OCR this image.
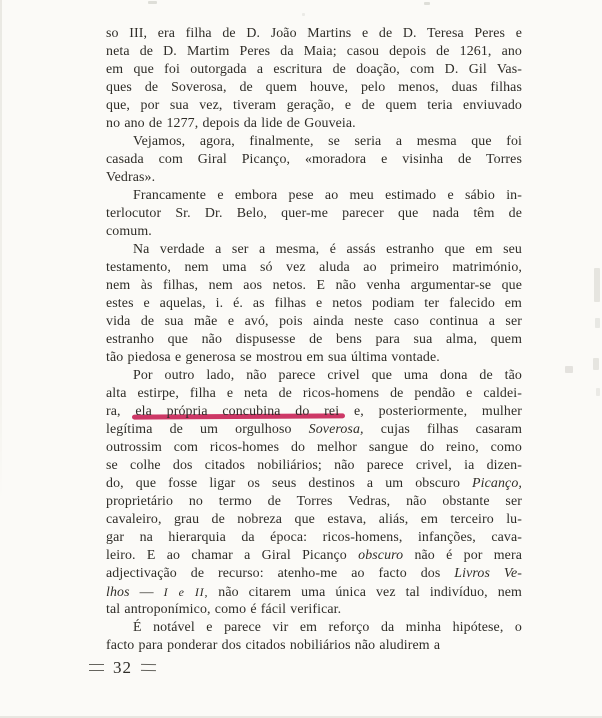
so III, era filha de D. João Martins e de D. Teresa Peres e
neta de D. Martim Peres da Maia; casou depois de 1261, ano
em que foi outorgada a escritura de doação, com D. Gil Vas-
ques de Soverosa, de quem houve, pelo menos, duas filhas
que, por sua vez, tiveram geração, e de quem teria enviuvado
no ano de 1277, depois da lide de Gouveia.
Vejamos, agora, finalmente, se seria a mesma que foi
casada com Giral Picanço, «moradora e visinha de Torres
Vedras».
Francamente e embora pese ao meu estimado e sábio in-
terlocutor Sr. Dr. Belo, quer-me parecer que nada têm de
comum.
Na verdade a ser a mesma, é assás estranho que em seu
testamento, nem uma só vez aluda ao primeiro matrimónio,
nem às filhas, nem aos netos. E não venha argumentar-se que
estes e aquelas, i. é. as filhas e netos podiam ter falecido em
vida de sua mãe e avó, pois ainda neste caso continua a ser
estranho que não dispusesse de bens para sua alma, quem
tão piedosa e generosa se mostrou em sua última vontade.
Por outro lado, não parece crivel que uma dona de tão
alta estirpe, filha e neta de ricos-homens de pendão e caldei-
ra, ela própria concubina do rei e, posteriormente, mulher
legítima de um orgulhoso Soverosa, cujas filhas casaram
outrossim com ricos-homes do melhor sangue do reino, como
se colhe dos citados nobiliários; não parece crivel, ia dizen-
do, que fosse ligar os seus destinos a um obscuro Picanço,
proprietário no termo de Torres Vedras, não obstante ser
cavaleiro, grau de nobreza que estava, aliás, em terceiro lu-
gar na hierarquia da época: ricos-homens, infanções, cava-
leiro. E ao chamar a Giral Picanço obscuro não é por mera
adjectivação de recurso: atenho-me ao facto dos Livros Ve-
lhos — I e II, não citarem uma única vez tal indivíduo, nem
tal antroponímico, como é fácil verificar.
É notável e parece vir em reforço da minha hipótese, o
facto para ponderar dos citados nobiliários não aludirem a
32
